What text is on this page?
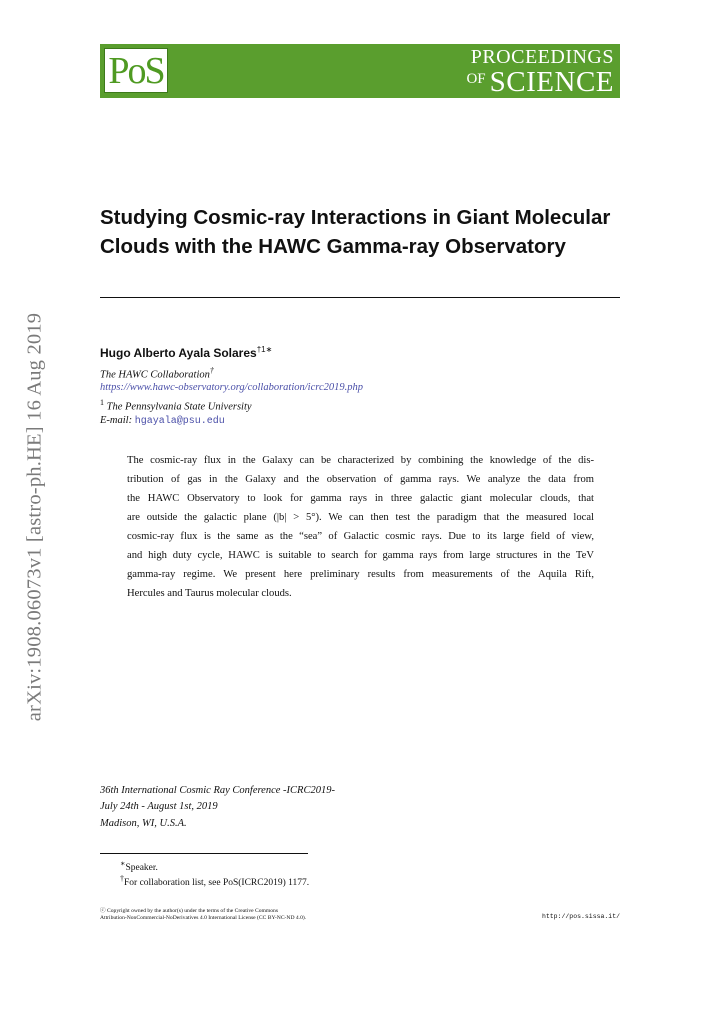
PoS	PROCEEDINGS
OF SCIENCE
arXiv:1908.06073v1 [astro-ph.HE] 16 Aug 2019
Studying Cosmic-ray Interactions in Giant Molecular
Clouds with the HAWC Gamma-ray Observatory
Hugo Alberto Ayala Solares$^{\dagger 1∗}$
The HAWC Collaboration†
https://www.hawc-observatory.org/collaboration/icrc2019.php
$^1$ The Pennsylvania State University
E-mail: hgayala@psu.edu
The cosmic-ray flux in the Galaxy can be characterized by combining the knowledge of the dis-
tribution of gas in the Galaxy and the observation of gamma rays. We analyze the data from
the HAWC Observatory to look for gamma rays in three galactic giant molecular clouds, that
are outside the galactic plane (|b| > 5°). We can then test the paradigm that the measured local
cosmic-ray flux is the same as the “sea” of Galactic cosmic rays. Due to its large field of view,
and high duty cycle, HAWC is suitable to search for gamma rays from large structures in the TeV
gamma-ray regime. We present here preliminary results from measurements of the Aquila Rift,
Hercules and Taurus molecular clouds.
36th International Cosmic Ray Conference -ICRC2019-
July 24th - August 1st, 2019
Madison, WI, U.S.A.
∗Speaker.
†For collaboration list, see PoS(ICRC2019) 1177.
ⓒ Copyright owned by the author(s) under the terms of the Creative Commons
Attribution-NonCommercial-NoDerivatives 4.0 International License (CC BY-NC-ND 4.0).	http://pos.sissa.it/
